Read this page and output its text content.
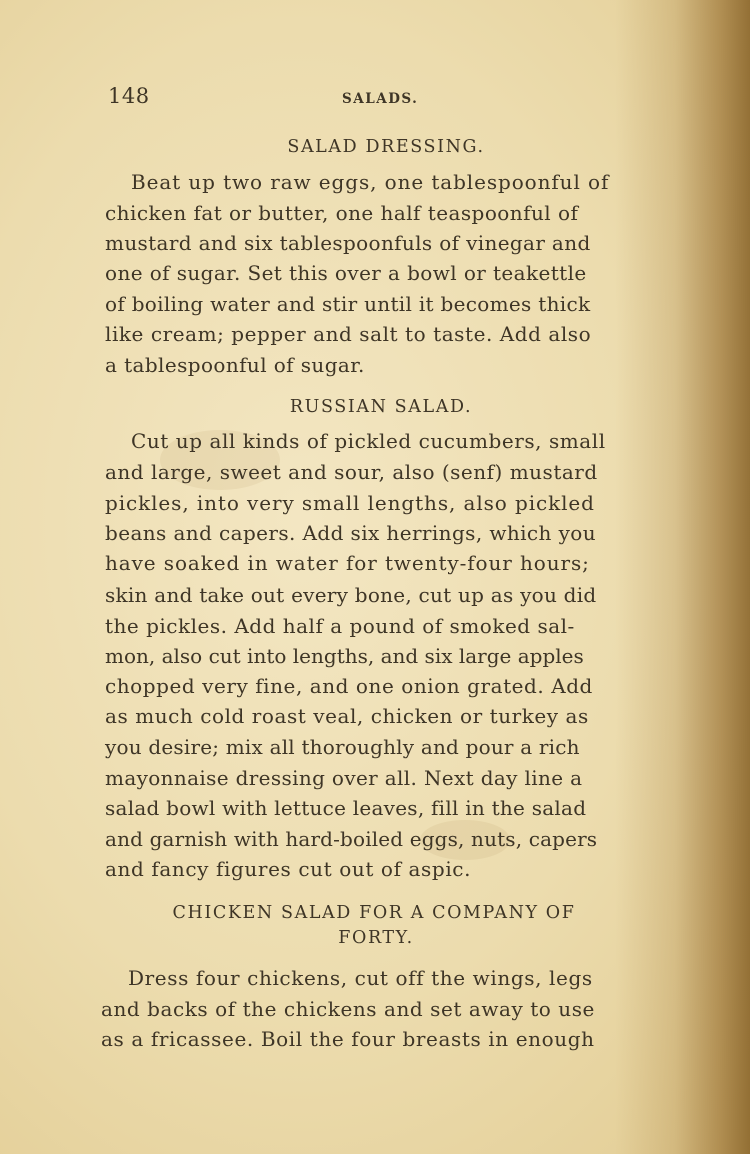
148	SALADS.
SALAD DRESSING.
Beat up two raw eggs, one tablespoonful of
chicken fat or butter, one half teaspoonful of
mustard and six tablespoonfuls of vinegar and
one of sugar. Set this over a bowl or teakettle
of boiling water and stir until it becomes thick
like cream; pepper and salt to taste. Add also
a tablespoonful of sugar.
RUSSIAN SALAD.
Cut up all kinds of pickled cucumbers, small
and large, sweet and sour, also (senf) mustard
pickles, into very small lengths, also pickled
beans and capers. Add six herrings, which you
have soaked in water for twenty-four hours;
skin and take out every bone, cut up as you did
the pickles. Add half a pound of smoked sal-
mon, also cut into lengths, and six large apples
chopped very fine, and one onion grated. Add
as much cold roast veal, chicken or turkey as
you desire; mix all thoroughly and pour a rich
mayonnaise dressing over all. Next day line a
salad bowl with lettuce leaves, fill in the salad
and garnish with hard-boiled eggs, nuts, capers
and fancy figures cut out of aspic.
CHICKEN SALAD FOR A COMPANY OF
FORTY.
Dress four chickens, cut off the wings, legs
and backs of the chickens and set away to use
as a fricassee. Boil the four breasts in enough
